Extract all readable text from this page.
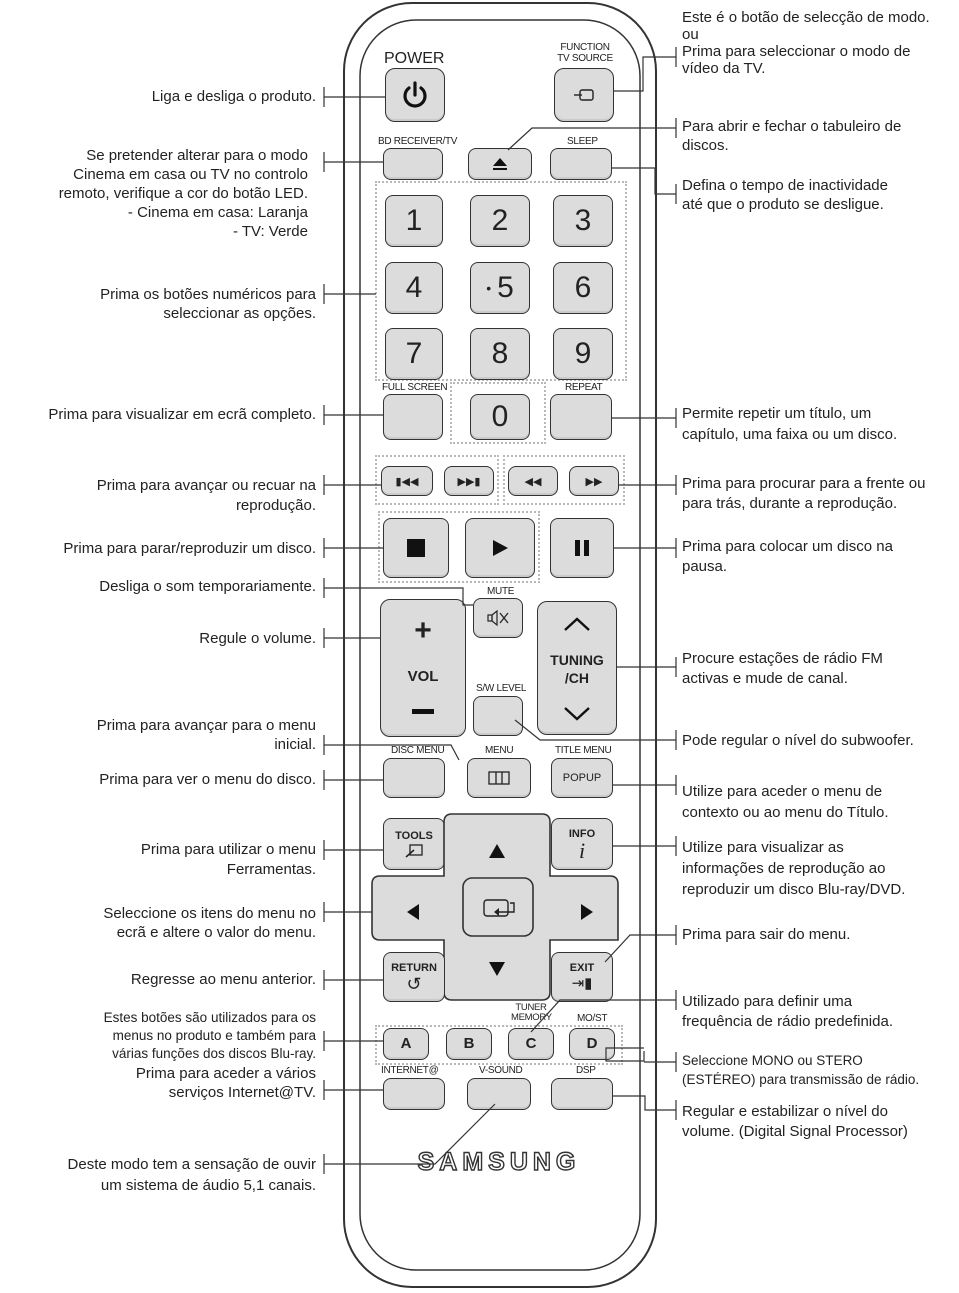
POWER
FUNCTION
TV SOURCE
BD RECEIVER/TV	SLEEP
1	2	3
4	• 5	6
7	8	9
FULL SCREEN	REPEAT
0
▮◀◀	▶▶▮	◀◀	▶▶
MUTE
+
VOL
TUNING
/CH
S/W LEVEL
DISC MENU	MENU	TITLE MENU
POPUP
TOOLS	INFO
i
RETURN
↺
EXIT
⇥▮
TUNER
MEMORY	MO/ST
A	B	C	D
INTERNET@	V-SOUND	DSP
SAMSUNG
Liga e desliga o produto.
Se pretender alterar para o modo
Cinema em casa ou TV no controlo
remoto, verifique a cor do botão LED.
- Cinema em casa: Laranja
- TV: Verde
Prima os botões numéricos para
seleccionar as opções.
Prima para visualizar em ecrã completo.
Prima para avançar ou recuar na
reprodução.
Prima para parar/reproduzir um disco.
Desliga o som temporariamente.
Regule o volume.
Prima para avançar para o menu
inicial.
Prima para ver o menu do disco.
Prima para utilizar o menu
Ferramentas.
Seleccione os itens do menu no
ecrã e altere o valor do menu.
Regresse ao menu anterior.
Estes botões são utilizados para os
menus no produto e também para
várias funções dos discos Blu-ray.
Prima para aceder a vários
serviços Internet@TV.
Deste modo tem a sensação de ouvir
um sistema de áudio 5,1 canais.
Este é o botão de selecção de modo.
ou
Prima para seleccionar o modo de
vídeo da TV.
Para abrir e fechar o tabuleiro de
discos.
Defina o tempo de inactividade
até que o produto se desligue.
Permite repetir um título, um
capítulo, uma faixa ou um disco.
Prima para procurar para a frente ou
para trás, durante a reprodução.
Prima para colocar um disco na
pausa.
Procure estações de rádio FM
activas e mude de canal.
Pode regular o nível do subwoofer.
Utilize para aceder o menu de
contexto ou ao menu do Título.
Utilize para visualizar as
informações de reprodução ao
reproduzir um disco Blu-ray/DVD.
Prima para sair do menu.
Utilizado para definir uma
frequência de rádio predefinida.
Seleccione MONO ou STERO
(ESTÉREO) para transmissão de rádio.
Regular e estabilizar o nível do
volume. (Digital Signal Processor)
